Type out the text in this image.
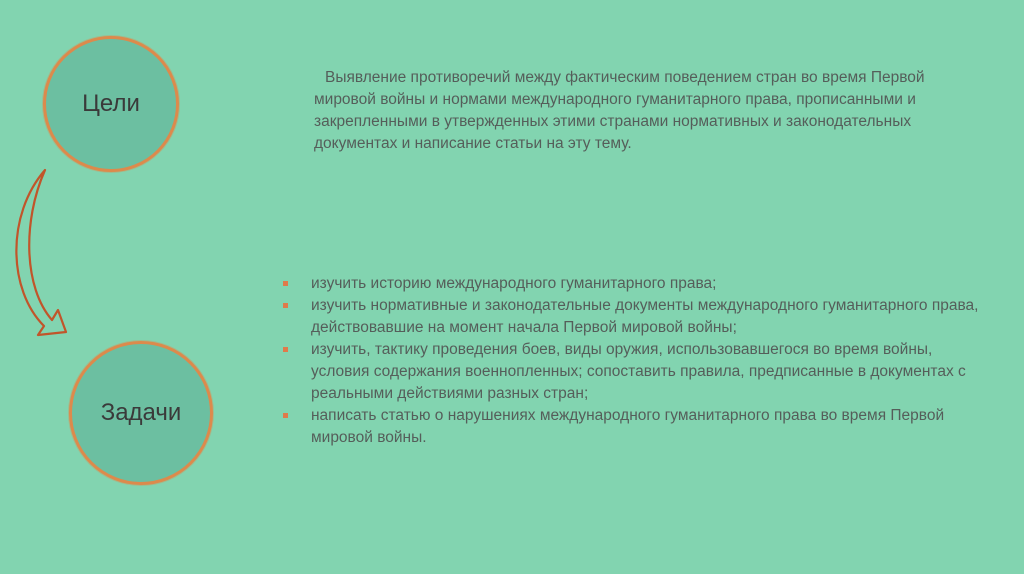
Цели
Задачи
Выявление противоречий между фактическим поведением стран во время Первой мировой войны и нормами международного гуманитарного права, прописанными и закрепленными в утвержденных этими странами нормативных и законодательных документах и написание статьи на эту тему.
изучить историю международного гуманитарного права;
изучить нормативные и законодательные документы международного гуманитарного права, действовавшие на момент начала Первой мировой войны;
изучить, тактику проведения боев, виды оружия, использовавшегося во время войны, условия содержания военнопленных; сопоставить правила, предписанные в документах с реальными действиями разных стран;
написать статью о нарушениях международного гуманитарного права во время Первой мировой войны.
